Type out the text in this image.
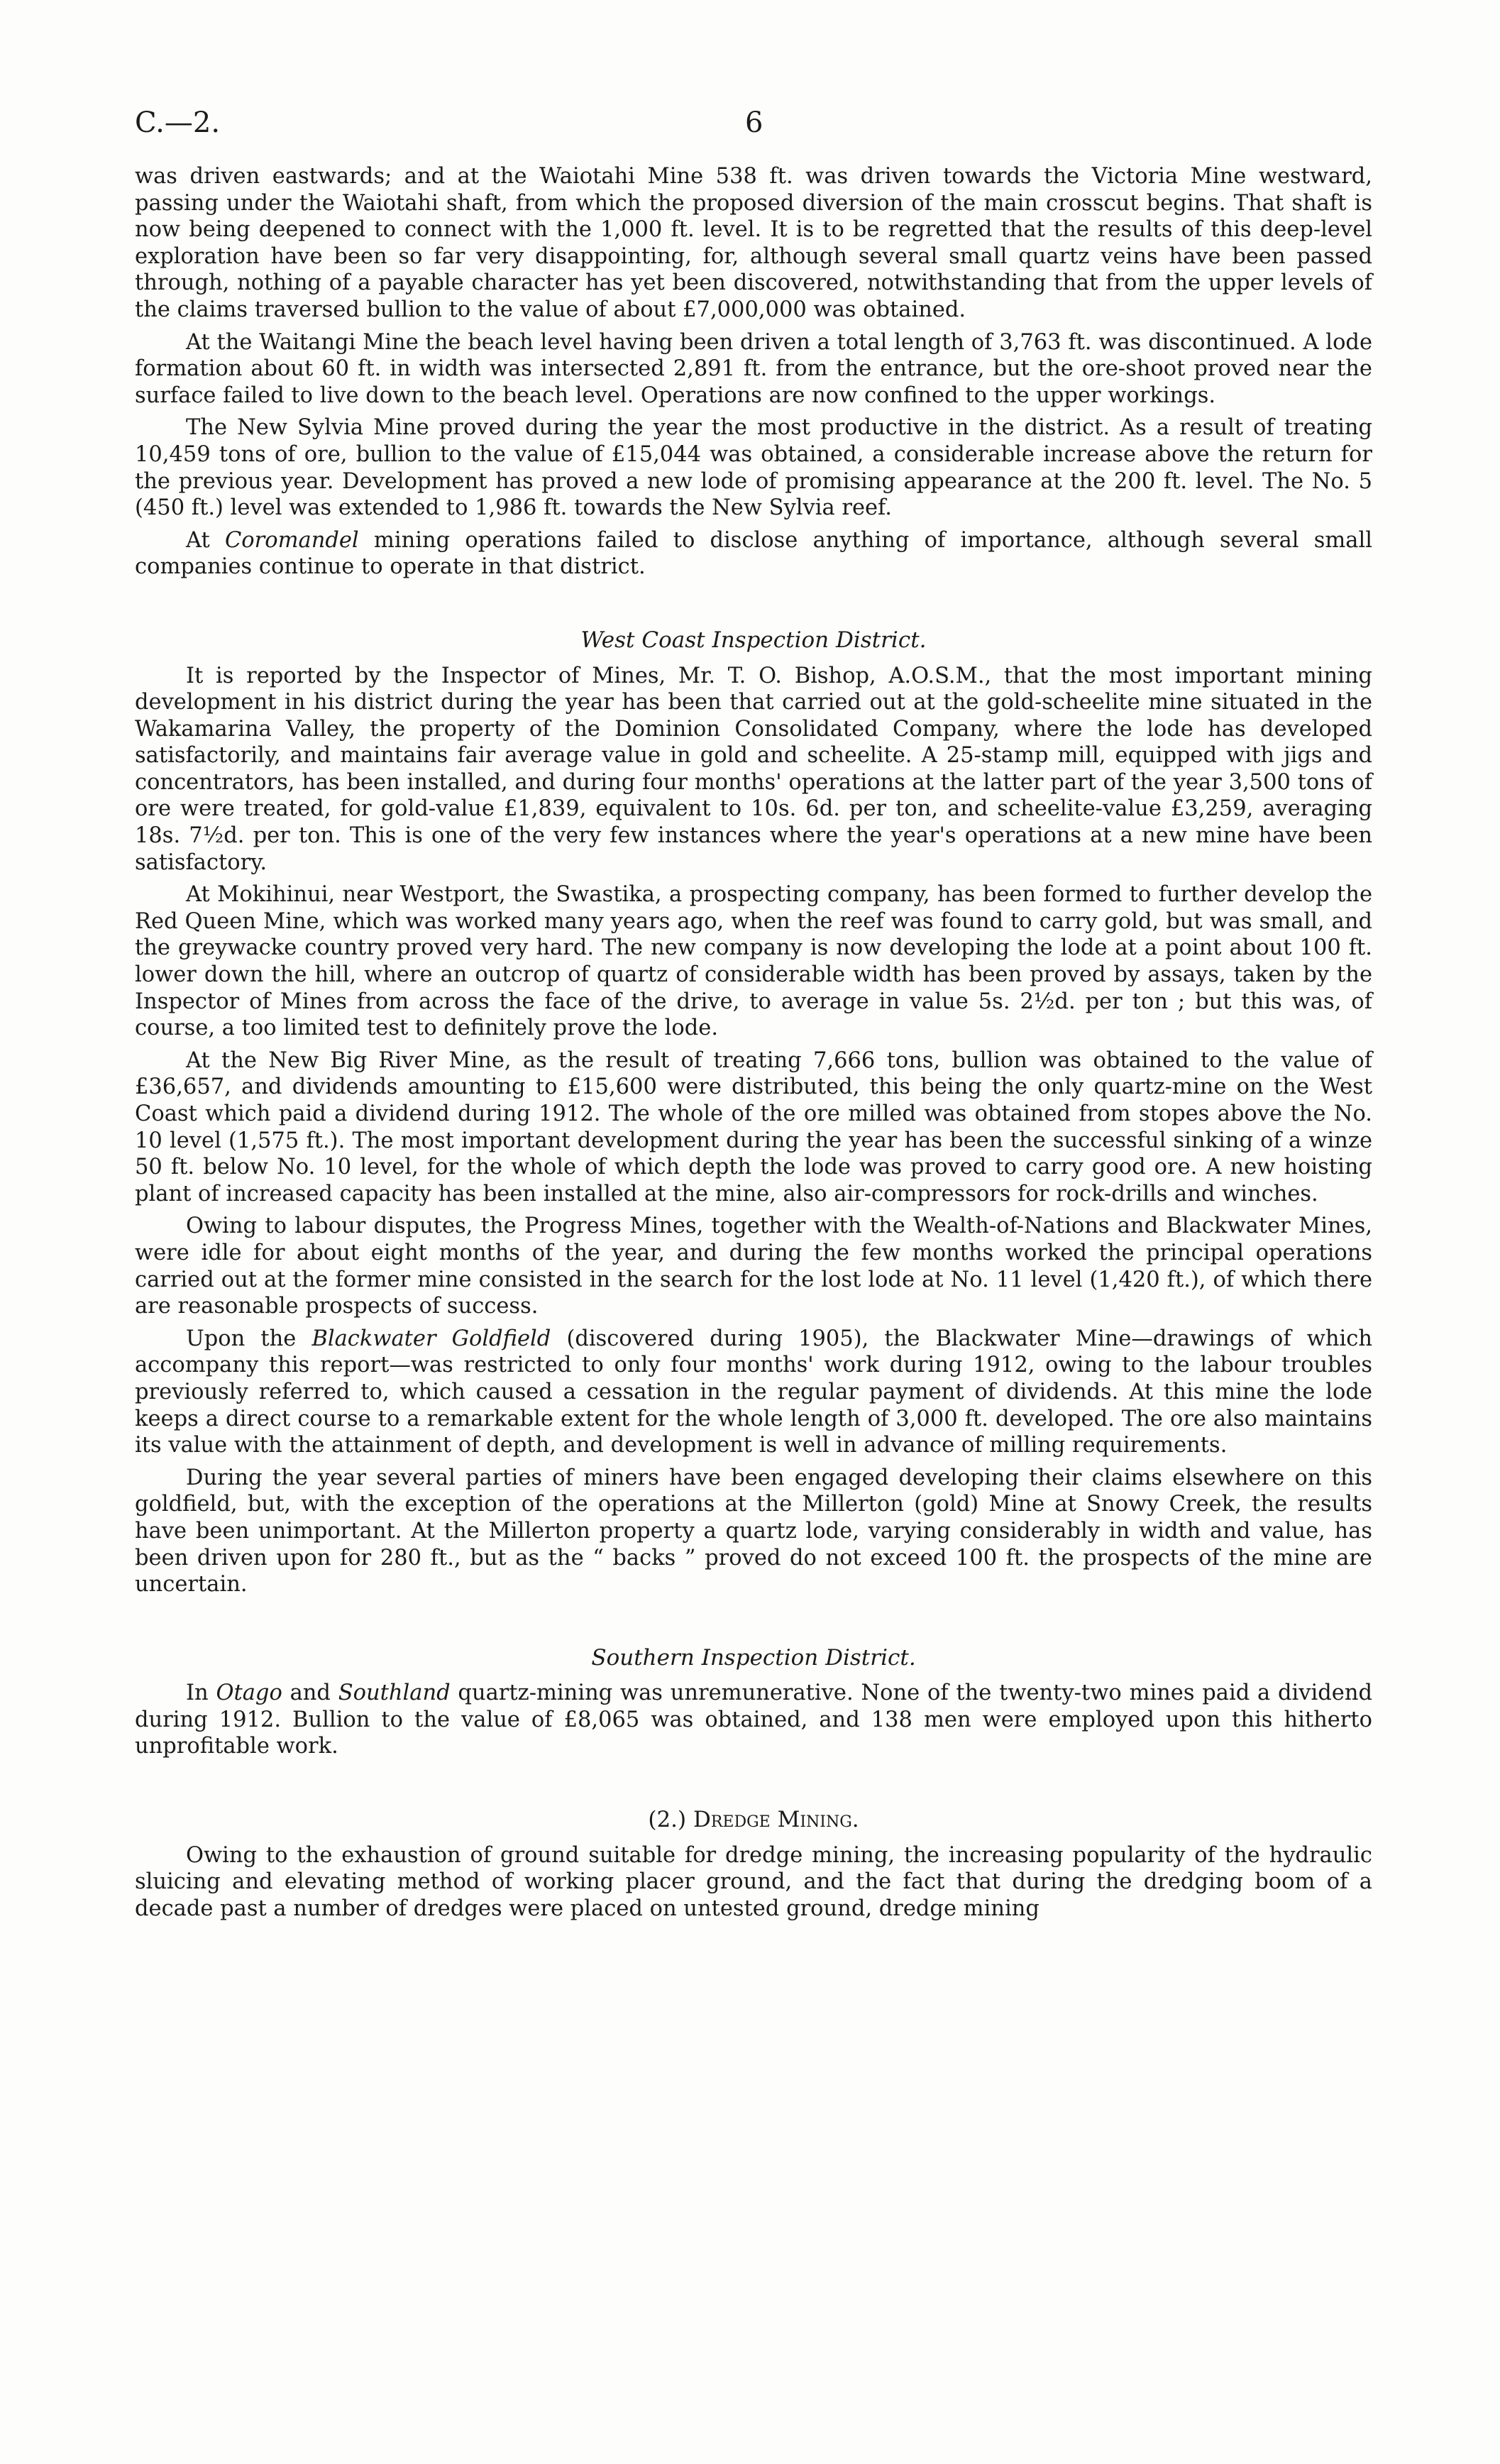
C.—2.	6

was driven eastwards; and at the Waiotahi Mine 538 ft. was driven towards the Victoria Mine westward, passing under the Waiotahi shaft, from which the proposed diversion of the main crosscut begins. That shaft is now being deepened to connect with the 1,000 ft. level. It is to be regretted that the results of this deep-level exploration have been so far very disappointing, for, although several small quartz veins have been passed through, nothing of a payable character has yet been discovered, notwithstanding that from the upper levels of the claims traversed bullion to the value of about £7,000,000 was obtained.

At the Waitangi Mine the beach level having been driven a total length of 3,763 ft. was discontinued. A lode formation about 60 ft. in width was intersected 2,891 ft. from the entrance, but the ore-shoot proved near the surface failed to live down to the beach level. Operations are now confined to the upper workings.

The New Sylvia Mine proved during the year the most productive in the district. As a result of treating 10,459 tons of ore, bullion to the value of £15,044 was obtained, a considerable increase above the return for the previous year. Development has proved a new lode of promising appearance at the 200 ft. level. The No. 5 (450 ft.) level was extended to 1,986 ft. towards the New Sylvia reef.

At Coromandel mining operations failed to disclose anything of importance, although several small companies continue to operate in that district.

West Coast Inspection District.

It is reported by the Inspector of Mines, Mr. T. O. Bishop, A.O.S.M., that the most important mining development in his district during the year has been that carried out at the gold-scheelite mine situated in the Wakamarina Valley, the property of the Dominion Consolidated Company, where the lode has developed satisfactorily, and maintains fair average value in gold and scheelite. A 25-stamp mill, equipped with jigs and concentrators, has been installed, and during four months' operations at the latter part of the year 3,500 tons of ore were treated, for gold-value £1,839, equivalent to 10s. 6d. per ton, and scheelite-value £3,259, averaging 18s. 7½d. per ton. This is one of the very few instances where the year's operations at a new mine have been satisfactory.

At Mokihinui, near Westport, the Swastika, a prospecting company, has been formed to further develop the Red Queen Mine, which was worked many years ago, when the reef was found to carry gold, but was small, and the greywacke country proved very hard. The new company is now developing the lode at a point about 100 ft. lower down the hill, where an outcrop of quartz of considerable width has been proved by assays, taken by the Inspector of Mines from across the face of the drive, to average in value 5s. 2½d. per ton ; but this was, of course, a too limited test to definitely prove the lode.

At the New Big River Mine, as the result of treating 7,666 tons, bullion was obtained to the value of £36,657, and dividends amounting to £15,600 were distributed, this being the only quartz-mine on the West Coast which paid a dividend during 1912. The whole of the ore milled was obtained from stopes above the No. 10 level (1,575 ft.). The most important development during the year has been the successful sinking of a winze 50 ft. below No. 10 level, for the whole of which depth the lode was proved to carry good ore. A new hoisting plant of increased capacity has been installed at the mine, also air-compressors for rock-drills and winches.

Owing to labour disputes, the Progress Mines, together with the Wealth-of-Nations and Blackwater Mines, were idle for about eight months of the year, and during the few months worked the principal operations carried out at the former mine consisted in the search for the lost lode at No. 11 level (1,420 ft.), of which there are reasonable prospects of success.

Upon the Blackwater Goldfield (discovered during 1905), the Blackwater Mine—drawings of which accompany this report—was restricted to only four months' work during 1912, owing to the labour troubles previously referred to, which caused a cessation in the regular payment of dividends. At this mine the lode keeps a direct course to a remarkable extent for the whole length of 3,000 ft. developed. The ore also maintains its value with the attainment of depth, and development is well in advance of milling requirements.

During the year several parties of miners have been engaged developing their claims elsewhere on this goldfield, but, with the exception of the operations at the Millerton (gold) Mine at Snowy Creek, the results have been unimportant. At the Millerton property a quartz lode, varying considerably in width and value, has been driven upon for 280 ft., but as the “ backs ” proved do not exceed 100 ft. the prospects of the mine are uncertain.

Southern Inspection District.

In Otago and Southland quartz-mining was unremunerative. None of the twenty-two mines paid a dividend during 1912. Bullion to the value of £8,065 was obtained, and 138 men were employed upon this hitherto unprofitable work.

(2.) Dredge Mining.

Owing to the exhaustion of ground suitable for dredge mining, the increasing popularity of the hydraulic sluicing and elevating method of working placer ground, and the fact that during the dredging boom of a decade past a number of dredges were placed on untested ground, dredge mining
